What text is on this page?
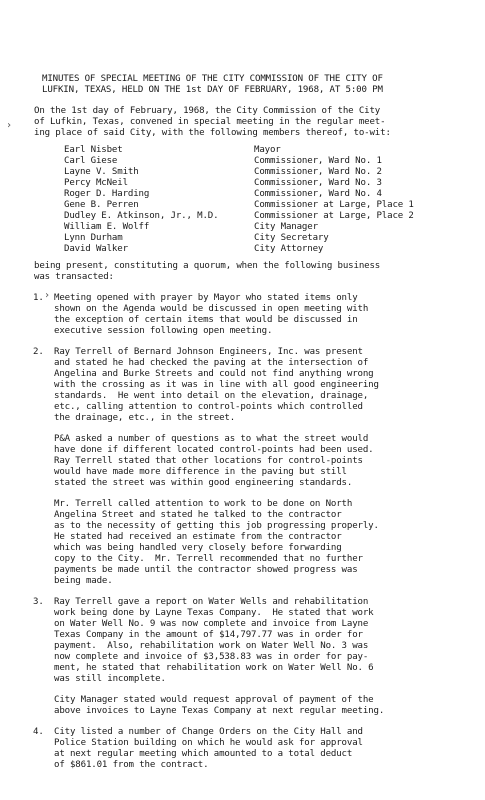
›
›
MINUTES OF SPECIAL MEETING OF THE CITY COMMISSION OF THE CITY OF
LUFKIN, TEXAS, HELD ON THE 1st DAY OF FEBRUARY, 1968, AT 5:00 PM
On the 1st day of February, 1968, the City Commission of the City
of Lufkin, Texas, convened in special meeting in the regular meet-
ing place of said City, with the following members thereof, to-wit:
Earl Nisbet	Mayor
Carl Giese	Commissioner, Ward No. 1
Layne V. Smith	Commissioner, Ward No. 2
Percy McNeil	Commissioner, Ward No. 3
Roger D. Harding	Commissioner, Ward No. 4
Gene B. Perren	Commissioner at Large, Place 1
Dudley E. Atkinson, Jr., M.D.	Commissioner at Large, Place 2
William E. Wolff	City Manager
Lynn Durham	City Secretary
David Walker	City Attorney
being present, constituting a quorum, when the following business
was transacted:
1. Meeting opened with prayer by Mayor who stated items only
shown on the Agenda would be discussed in open meeting with
the exception of certain items that would be discussed in
executive session following open meeting.
2. Ray Terrell of Bernard Johnson Engineers, Inc. was present
and stated he had checked the paving at the intersection of
Angelina and Burke Streets and could not find anything wrong
with the crossing as it was in line with all good engineering
standards.  He went into detail on the elevation, drainage,
etc., calling attention to control-points which controlled
the drainage, etc., in the street.
P&A asked a number of questions as to what the street would
have done if different located control-points had been used.
Ray Terrell stated that other locations for control-points
would have made more difference in the paving but still
stated the street was within good engineering standards.
Mr. Terrell called attention to work to be done on North
Angelina Street and stated he talked to the contractor
as to the necessity of getting this job progressing properly.
He stated had received an estimate from the contractor
which was being handled very closely before forwarding
copy to the City.  Mr. Terrell recommended that no further
payments be made until the contractor showed progress was
being made.
3. Ray Terrell gave a report on Water Wells and rehabilitation
work being done by Layne Texas Company.  He stated that work
on Water Well No. 9 was now complete and invoice from Layne
Texas Company in the amount of $14,797.77 was in order for
payment.  Also, rehabilitation work on Water Well No. 3 was
now complete and invoice of $3,538.83 was in order for pay-
ment, he stated that rehabilitation work on Water Well No. 6
was still incomplete.
City Manager stated would request approval of payment of the
above invoices to Layne Texas Company at next regular meeting.
4. City listed a number of Change Orders on the City Hall and
Police Station building on which he would ask for approval
at next regular meeting which amounted to a total deduct
of $861.01 from the contract.
